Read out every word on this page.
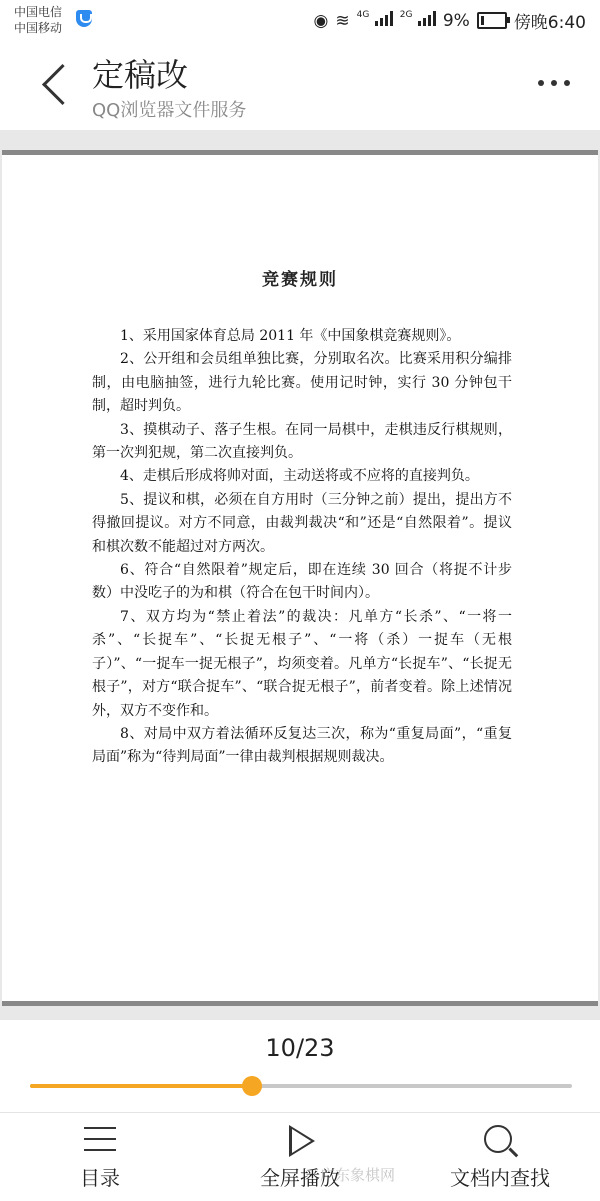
中国电信
中国移动	◉ ≋ $^{4G}$	$^{2G}$	9%	傍晚6:40
定稿改
QQ浏览器文件服务
竞赛规则

1、采用国家体育总局 2011 年《中国象棋竞赛规则》。

2、公开组和会员组单独比赛，分别取名次。比赛采用积分编排制，由电脑抽签，进行九轮比赛。使用记时钟，实行 30 分钟包干制，超时判负。

3、摸棋动子、落子生根。在同一局棋中，走棋违反行棋规则，第一次判犯规，第二次直接判负。

4、走棋后形成将帅对面，主动送将或不应将的直接判负。

5、提议和棋，必须在自方用时（三分钟之前）提出，提出方不得撤回提议。对方不同意，由裁判裁决“和”还是“自然限着”。提议和棋次数不能超过对方两次。

6、符合“自然限着”规定后，即在连续 30 回合（将捉不计步数）中没吃子的为和棋（符合在包干时间内）。

7、双方均为“禁止着法”的裁决：凡单方“长杀”、“一将一杀”、“长捉车”、“长捉无根子”、“一将（杀）一捉车（无根子）”、“一捉车一捉无根子”，均须变着。凡单方“长捉车”、“长捉无根子”，对方“联合捉车”、“联合捉无根子”，前者变着。除上述情况外，双方不变作和。

8、对局中双方着法循环反复达三次，称为“重复局面”，“重复局面”称为“待判局面”一律由裁判根据规则裁决。

10/23
目录	全屏播放	文档内查找
广东象棋网
